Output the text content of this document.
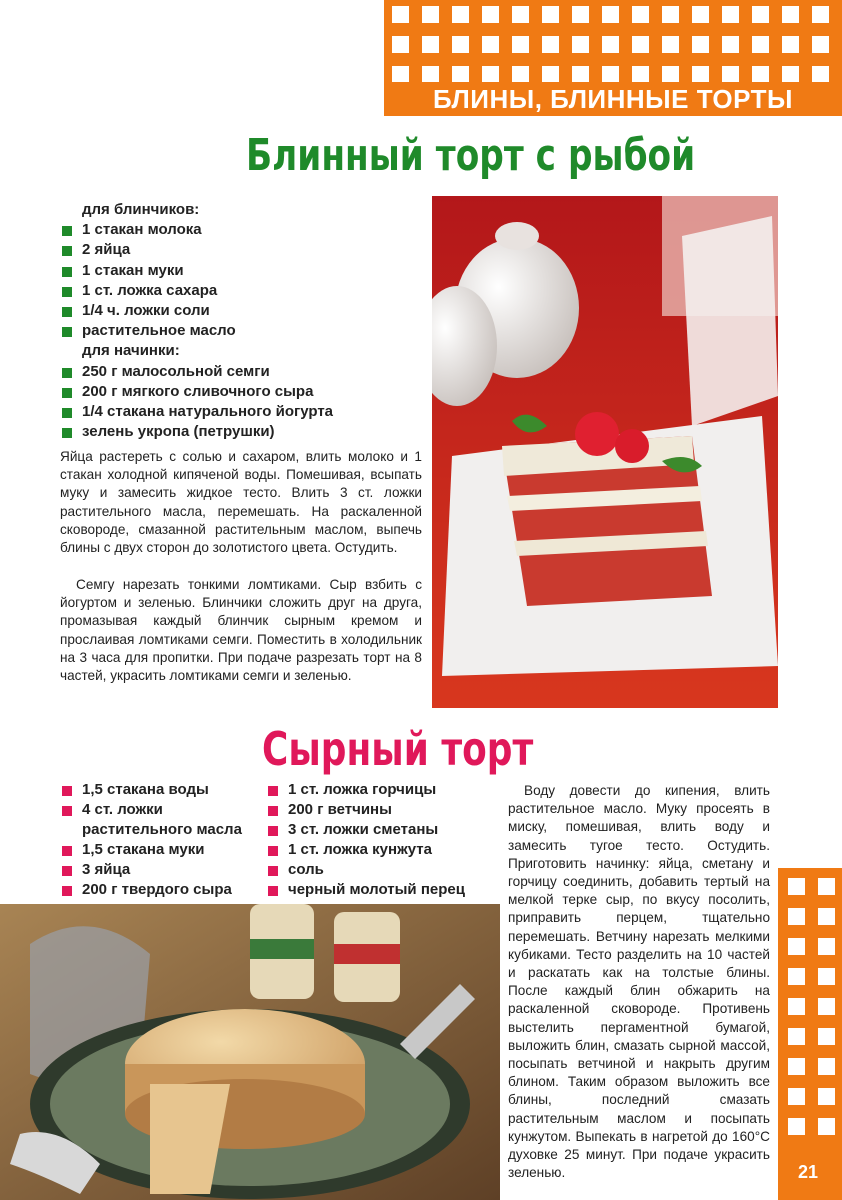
БЛИНЫ, БЛИННЫЕ ТОРТЫ
Блинный торт с рыбой
для блинчиков:
1 стакан молока
2 яйца
1 стакан муки
1 ст. ложка сахара
1/4 ч. ложки соли
растительное масло
для начинки:
250 г малосольной семги
200 г мягкого сливочного сыра
1/4 стакана натурального йогурта
зелень укропа (петрушки)

Яйца растереть с солью и сахаром, влить молоко и 1 стакан холодной кипяченой воды. Помешивая, всыпать муку и замесить жидкое тесто. Влить 3 ст. ложки растительного масла, перемешать. На раскаленной сковороде, смазанной растительным маслом, выпечь блины с двух сторон до золотистого цвета. Остудить.

Семгу нарезать тонкими ломтиками. Сыр взбить с йогуртом и зеленью. Блинчики сложить друг на друга, промазывая каждый блинчик сырным кремом и прослаивая ломтиками семги. Поместить в холодильник на 3 часа для пропитки. При подаче разрезать торт на 8 частей, украсить ломтиками семги и зеленью.

Сырный торт
1,5 стакана воды
4 ст. ложки
растительного масла
1,5 стакана муки
3 яйца
200 г твердого сыра
1 ст. ложка горчицы
200 г ветчины
3 ст. ложки сметаны
1 ст. ложка кунжута
соль
черный молотый перец

Воду довести до кипения, влить растительное масло. Муку просеять в миску, помешивая, влить воду и замесить тугое тесто. Остудить. Приготовить начинку: яйца, сметану и горчицу соединить, добавить тертый на мелкой терке сыр, по вкусу посолить, приправить перцем, тщательно перемешать. Ветчину нарезать мелкими кубиками. Тесто разделить на 10 частей и раскатать как на толстые блины. После каждый блин обжарить на раскаленной сковороде. Противень выстелить пергаментной бумагой, выложить блин, смазать сырной массой, посыпать ветчиной и накрыть другим блином. Таким образом выложить все блины, последний смазать растительным маслом и посыпать кунжутом. Выпекать в нагретой до 160°С духовке 25 минут. При подаче украсить зеленью.	21
